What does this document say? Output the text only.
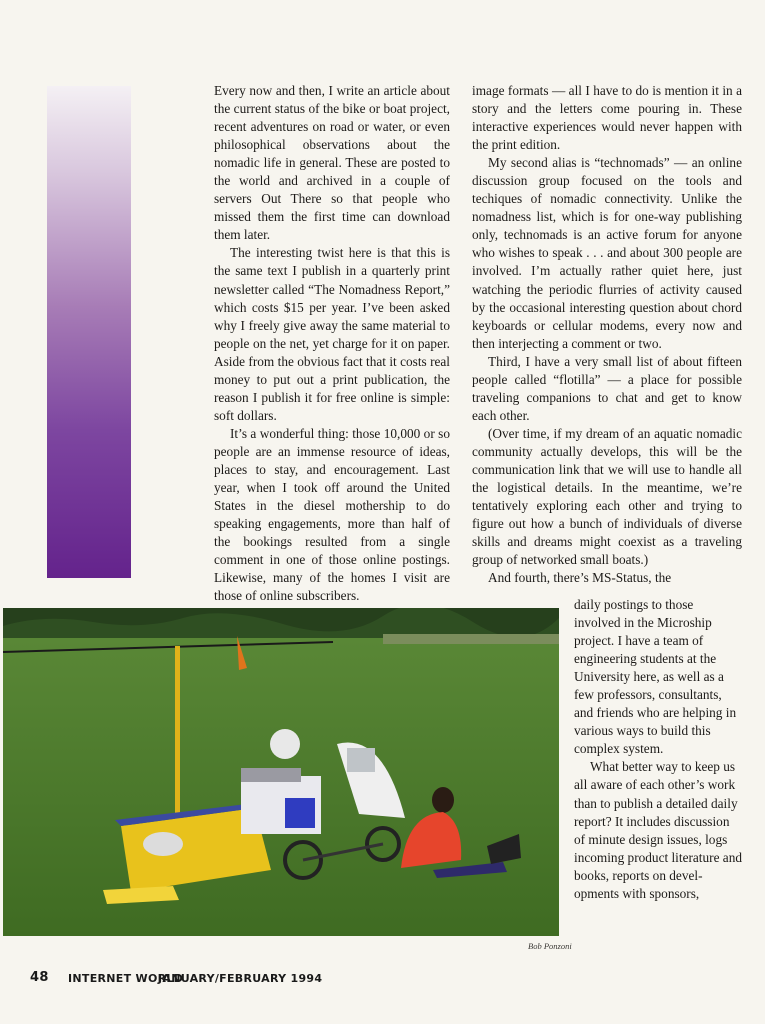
Every now and then, I write an article about the current status of the bike or boat project, recent adventures on road or water, or even philosophical observations about the nomadic life in general. These are posted to the world and archived in a couple of servers Out There so that people who missed them the first time can download them later.

The interesting twist here is that this is the same text I publish in a quarterly print newsletter called “The Nomadness Report,” which costs $15 per year. I’ve been asked why I freely give away the same material to people on the net, yet charge for it on paper. Aside from the obvious fact that it costs real money to put out a print publication, the reason I publish it for free online is simple: soft dollars.

It’s a wonderful thing: those 10,000 or so people are an immense resource of ideas, places to stay, and encouragement. Last year, when I took off around the United States in the diesel mothership to do speaking engagements, more than half of the bookings resulted from a single comment in one of those online postings. Likewise, many of the homes I visit are those of online subscribers.

image formats — all I have to do is mention it in a story and the letters come pouring in. These interactive experiences would never happen with the print edition.

My second alias is “technomads” — an online discussion group focused on the tools and techiques of nomadic connectivity. Unlike the nomadness list, which is for one-way publishing only, technomads is an active forum for anyone who wishes to speak . . . and about 300 people are involved. I’m actually rather quiet here, just watching the periodic flurries of activity caused by the occasional interesting question about chord keyboards or cellular modems, every now and then interjecting a comment or two.

Third, I have a very small list of about fifteen people called “flotilla” — a place for possible traveling companions to chat and get to know each other.

(Over time, if my dream of an aquatic nomadic community actually develops, this will be the communication link that we will use to handle all the logistical details. In the meantime, we’re tentatively exploring each other and trying to figure out how a bunch of individuals of diverse skills and dreams might coexist as a traveling group of networked small boats.)

And fourth, there’s MS-Status, the

daily postings to those involved in the Microship project. I have a team of engineering students at the University here, as well as a few professors, consultants, and friends who are helping in various ways to build this complex system.

What better way to keep us all aware of each other’s work than to publish a detailed daily report? It includes discussion of minute design issues, logs incoming product literature and books, reports on developments with sponsors,

Bob Ponzoni
48 INTERNET WORLD
JANUARY/FEBRUARY 1994
